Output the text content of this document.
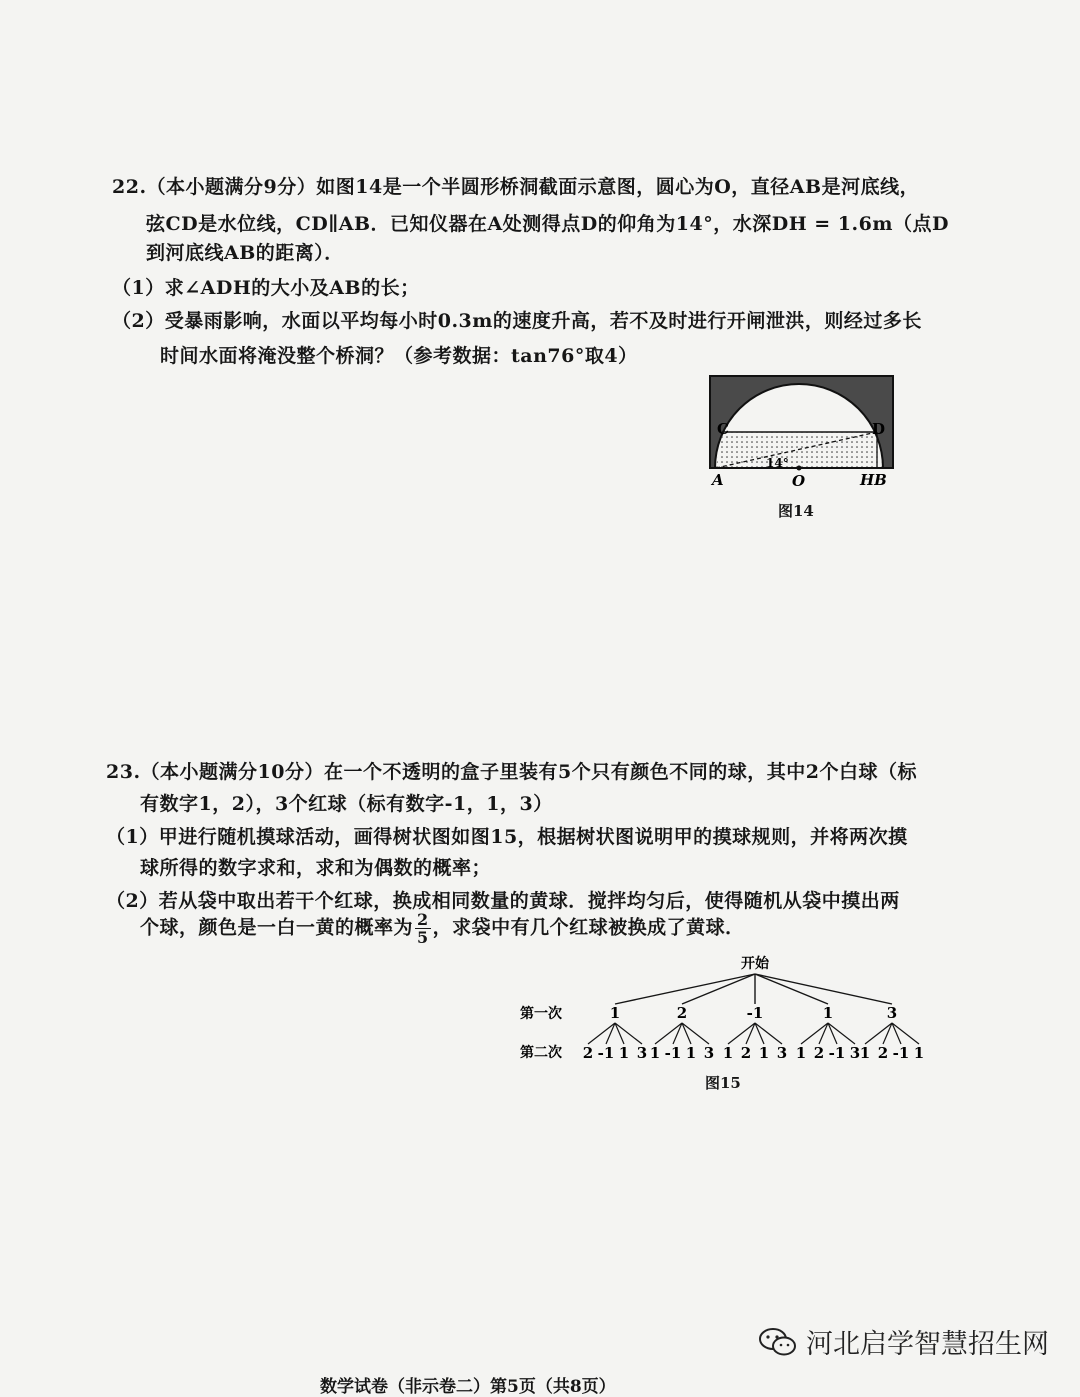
22.（本小题满分9分）如图14是一个半圆形桥洞截面示意图，圆心为O，直径AB是河底线，
弦CD是水位线，CD∥AB．已知仪器在A处测得点D的仰角为14°，水深DH = 1.6m（点D
到河底线AB的距离）．
（1）求∠ADH的大小及AB的长；
（2）受暴雨影响，水面以平均每小时0.3m的速度升高，若不及时进行开闸泄洪，则经过多长
时间水面将淹没整个桥洞？（参考数据：tan76°取4）
C	D
A	O	HB
14°
图14
23.（本小题满分10分）在一个不透明的盒子里装有5个只有颜色不同的球，其中2个白球（标
有数字1，2），3个红球（标有数字-1，1，3）
（1）甲进行随机摸球活动，画得树状图如图15，根据树状图说明甲的摸球规则，并将两次摸
球所得的数字求和，求和为偶数的概率；
（2）若从袋中取出若干个红球，换成相同数量的黄球．搅拌均匀后，使得随机从袋中摸出两
个球，颜色是一白一黄的概率为 $\frac{2}{5}$ ，求袋中有几个红球被换成了黄球．
开始
第一次
第二次
1
2 -1 1 3
2
1 -1 1 3
-1
1 2 1 3
1
1 2 -1 3
3
1 2 -1 1
图15
河北启学智慧招生网
数学试卷（非示卷二）第5页（共8页）
